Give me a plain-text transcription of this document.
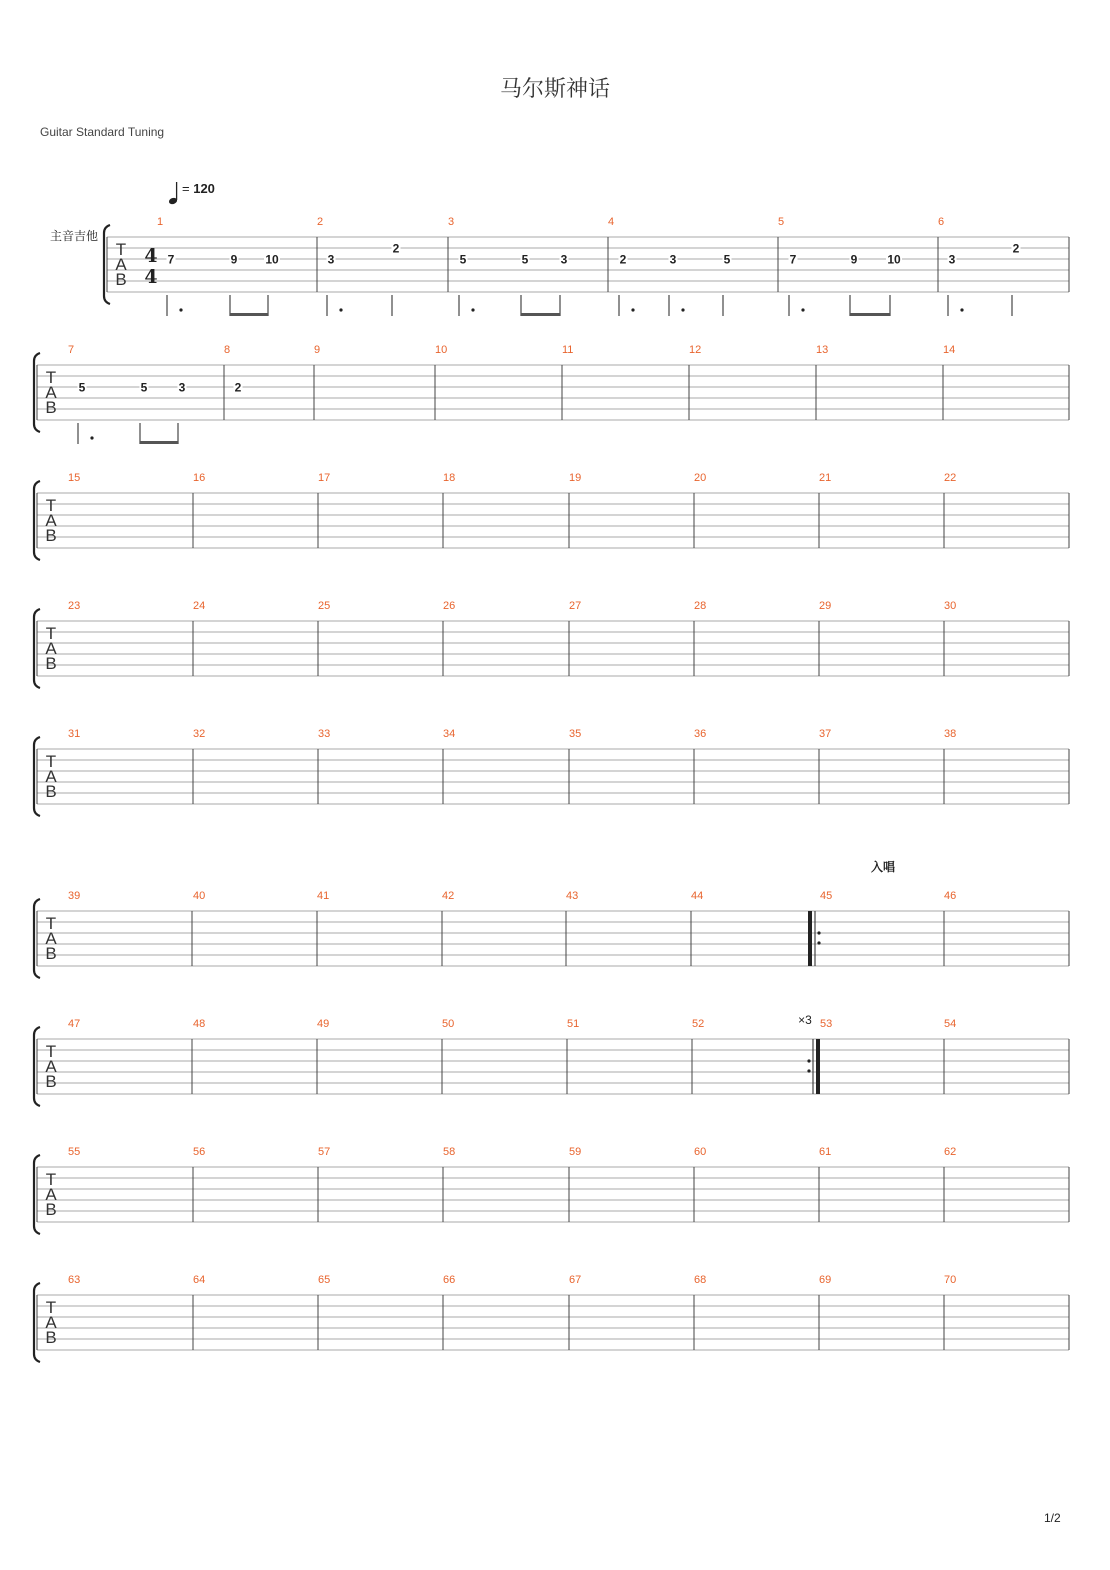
马尔斯神话
Guitar Standard Tuning
1/2
T
A
B
1	2	3	4	5	6
T
A
B
7	8	9	10	11	12	13	14
T
A
B
15	16	17	18	19	20	21	22
T
A
B
23	24	25	26	27	28	29	30
T
A
B
31	32	33	34	35	36	37	38
T
A
B
39	40	41	42	43	44	45	46
T
A
B
47	48	49	50	51	52	53	54
T
A
B
55	56	57	58	59	60	61	62
T
A
B
63	64	65	66	67	68	69	70
主音吉他
= 120
4
4
7	9 10	3
2
5	5	3	2	3	5	7	9 10	3
2
5	5	3	2
入唱
×3
